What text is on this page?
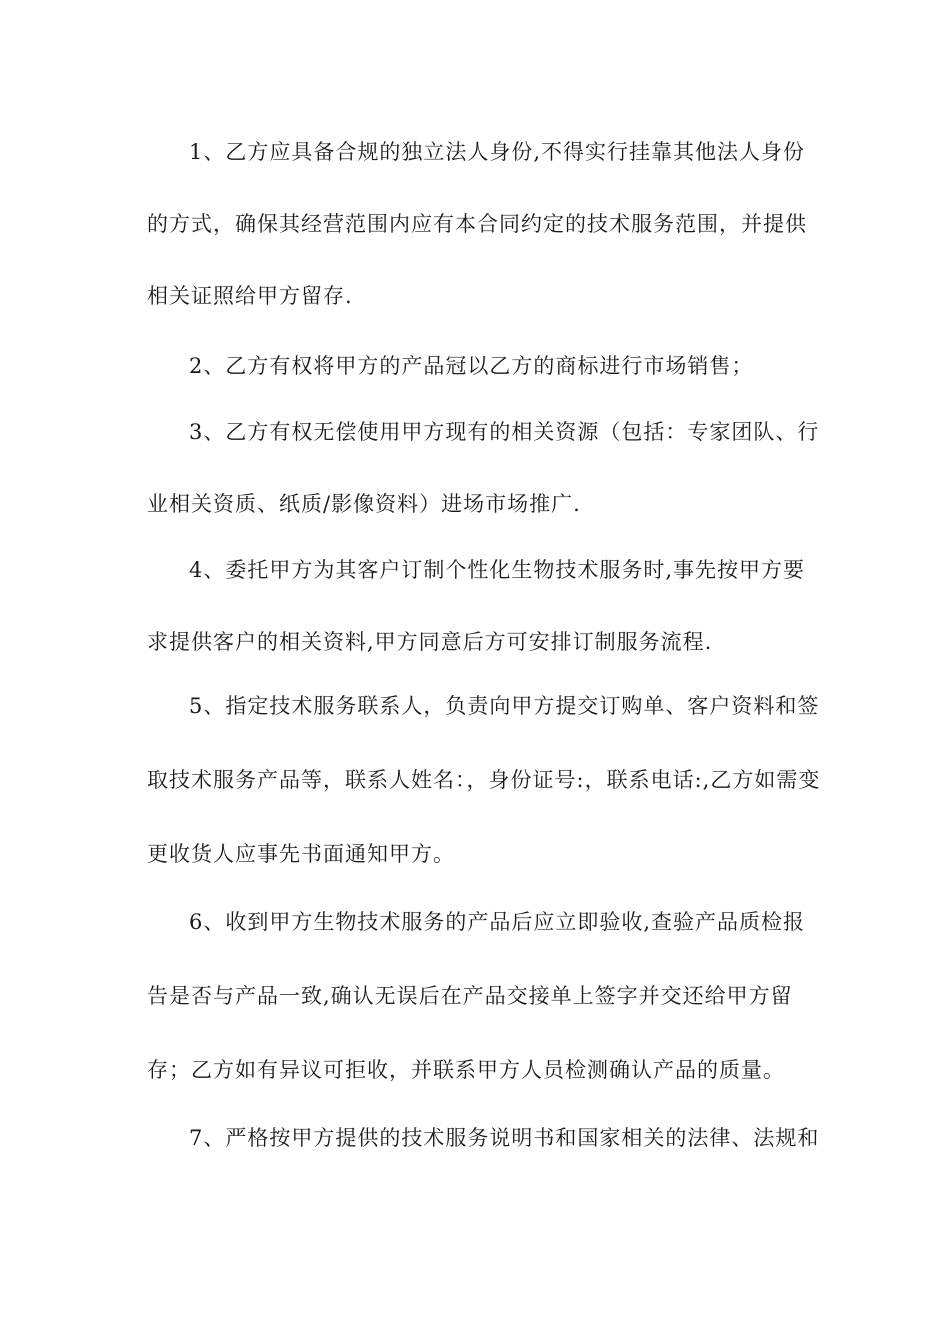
1、乙方应具备合规的独立法人身份,不得实行挂靠其他法人身份
的方式，确保其经营范围内应有本合同约定的技术服务范围，并提供
相关证照给甲方留存.
2、乙方有权将甲方的产品冠以乙方的商标进行市场销售；
3、乙方有权无偿使用甲方现有的相关资源（包括：专家团队、行
业相关资质、纸质/影像资料）进场市场推广.
4、委托甲方为其客户订制个性化生物技术服务时,事先按甲方要
求提供客户的相关资料,甲方同意后方可安排订制服务流程.
5、指定技术服务联系人，负责向甲方提交订购单、客户资料和签
取技术服务产品等，联系人姓名：，身份证号:，联系电话:,乙方如需变
更收货人应事先书面通知甲方。
6、收到甲方生物技术服务的产品后应立即验收,查验产品质检报
告是否与产品一致,确认无误后在产品交接单上签字并交还给甲方留
存；乙方如有异议可拒收，并联系甲方人员检测确认产品的质量。
7、严格按甲方提供的技术服务说明书和国家相关的法律、法规和
